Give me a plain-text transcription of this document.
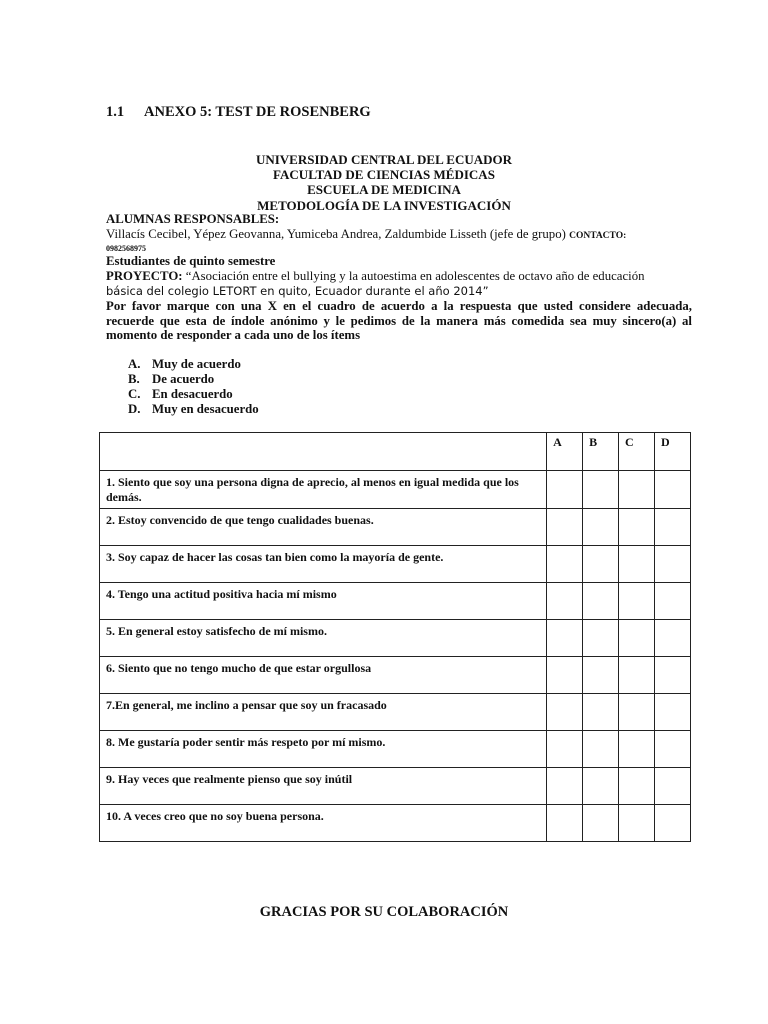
1.1 ANEXO 5: TEST DE ROSENBERG
UNIVERSIDAD CENTRAL DEL ECUADOR
FACULTAD DE CIENCIAS MÉDICAS
ESCUELA DE MEDICINA
METODOLOGÍA DE LA INVESTIGACIÓN
ALUMNAS RESPONSABLES:
Villacís Cecibel, Yépez Geovanna, Yumiceba Andrea, Zaldumbide Lisseth (jefe de grupo) CONTACTO:
0982568975
Estudiantes de quinto semestre
PROYECTO: “Asociación entre el bullying y la autoestima en adolescentes de octavo año de educación
básica del colegio LETORT en quito, Ecuador durante el año 2014”
Por favor marque con una X en el cuadro de acuerdo a la respuesta que usted considere adecuada, recuerde que esta de índole anónimo y le pedimos de la manera más comedida sea muy sincero(a) al momento de responder a cada uno de los ítems
A. Muy de acuerdo
B. De acuerdo
C. En desacuerdo
D. Muy en desacuerdo
	A	B	C	D
1. Siento que soy una persona digna de aprecio, al menos en igual medida que los demás.				
2. Estoy convencido de que tengo cualidades buenas.				
3. Soy capaz de hacer las cosas tan bien como la mayoría de gente.				
4. Tengo una actitud positiva hacia mí mismo				
5. En general estoy satisfecho de mí mismo.				
6. Siento que no tengo mucho de que estar orgullosa				
7.En general, me inclino a pensar que soy un fracasado				
8. Me gustaría poder sentir más respeto por mí mismo.				
9. Hay veces que realmente pienso que soy inútil				
10. A veces creo que no soy buena persona.				
GRACIAS POR SU COLABORACIÓN
